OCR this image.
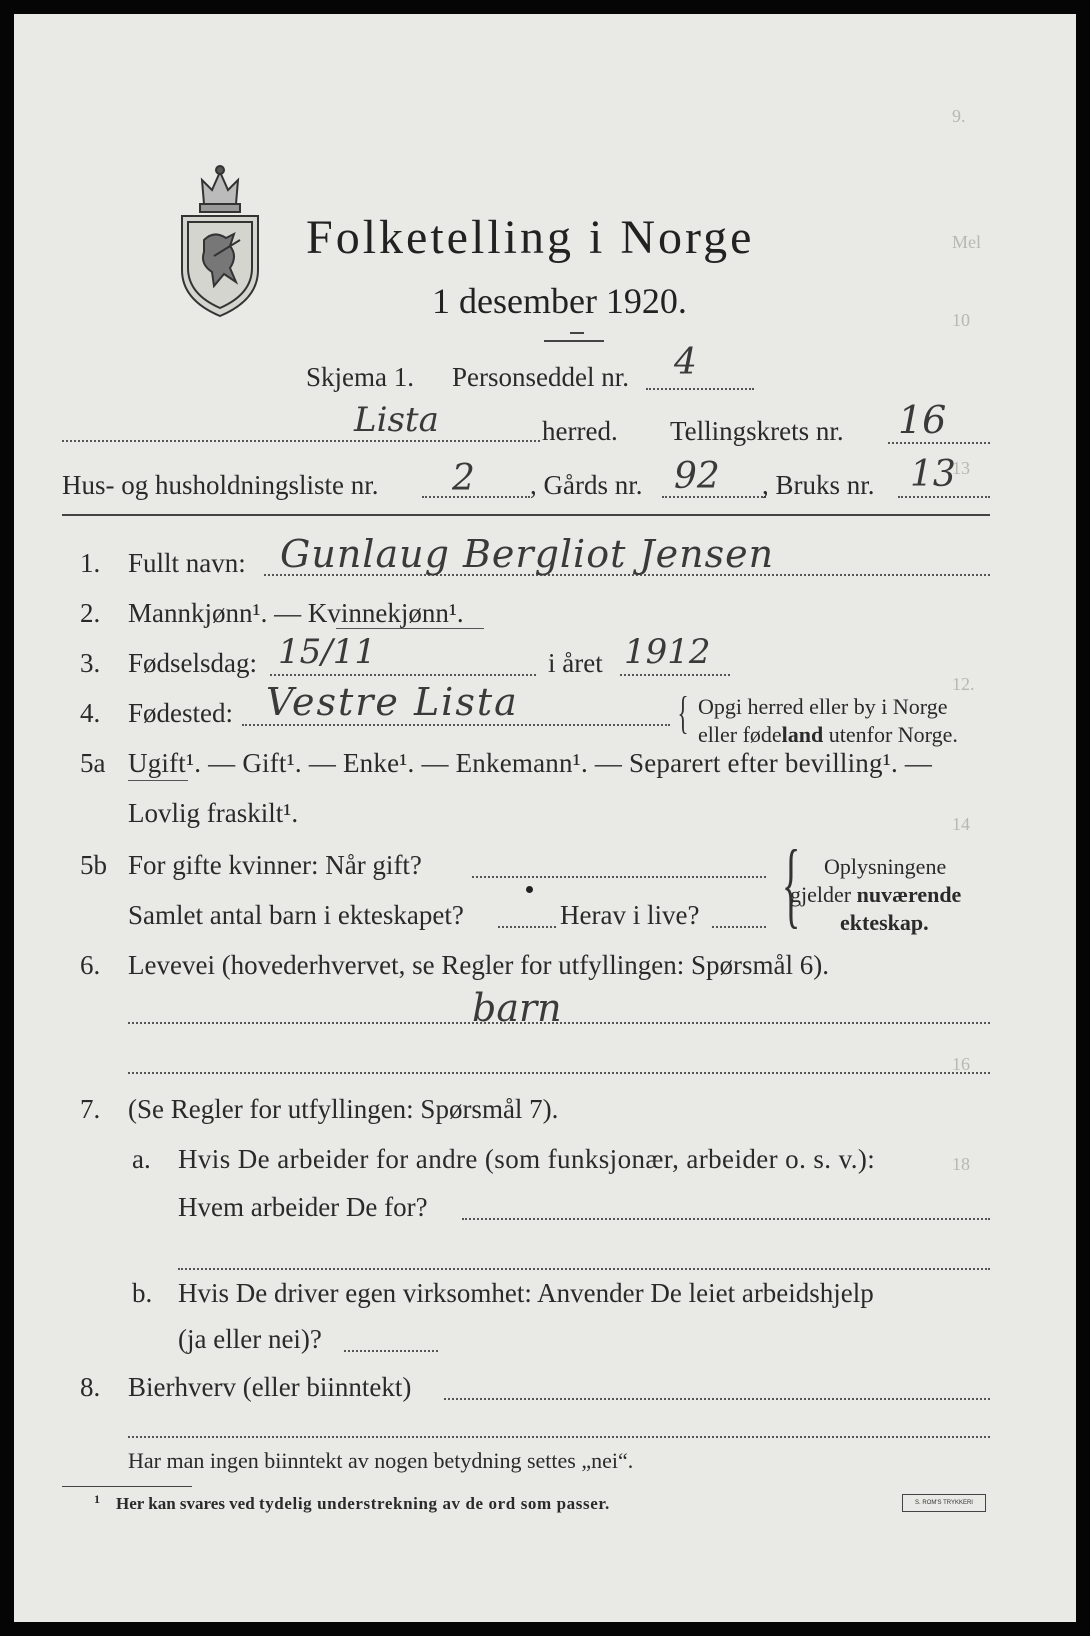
9.
Mel
10
13
12.
14
16
18
Folketelling i Norge
1 desember 1920.
Skjema 1. Personseddel nr. 4
Lista	herred. Tellingskrets nr. 16
Hus- og husholdningsliste nr. 2 , Gårds nr. 92 , Bruks nr. 13
1. Fullt navn: Gunlaug Bergliot Jensen
2. Mannkjønn¹. — Kvinnekjønn¹.
3. Fødselsdag: 15/11	i året 1912
4. Fødested: Vestre Lista	{ Opgi herred eller by i Norge
eller fødeland utenfor Norge.
5a Ugift¹. — Gift¹. — Enke¹. — Enkemann¹. — Separert efter bevilling¹. —
Lovlig fraskilt¹.
5b For gifte kvinner: Når gift?
Samlet antal barn i ekteskapet?	Herav i live? { Oplysningene
gjelder nuværende
ekteskap.
6. Levevei (hovederhvervet, se Regler for utfyllingen: Spørsmål 6).
barn
7. (Se Regler for utfyllingen: Spørsmål 7).
a. Hvis De arbeider for andre (som funksjonær, arbeider o. s. v.):
Hvem arbeider De for?
b. Hvis De driver egen virksomhet: Anvender De leiet arbeidshjelp
(ja eller nei)?
8. Bierhverv (eller biinntekt)
Har man ingen biinntekt av nogen betydning settes „nei“.
1 Her kan svares ved tydelig understrekning av de ord som passer.	S. ROM'S TRYKKERI
